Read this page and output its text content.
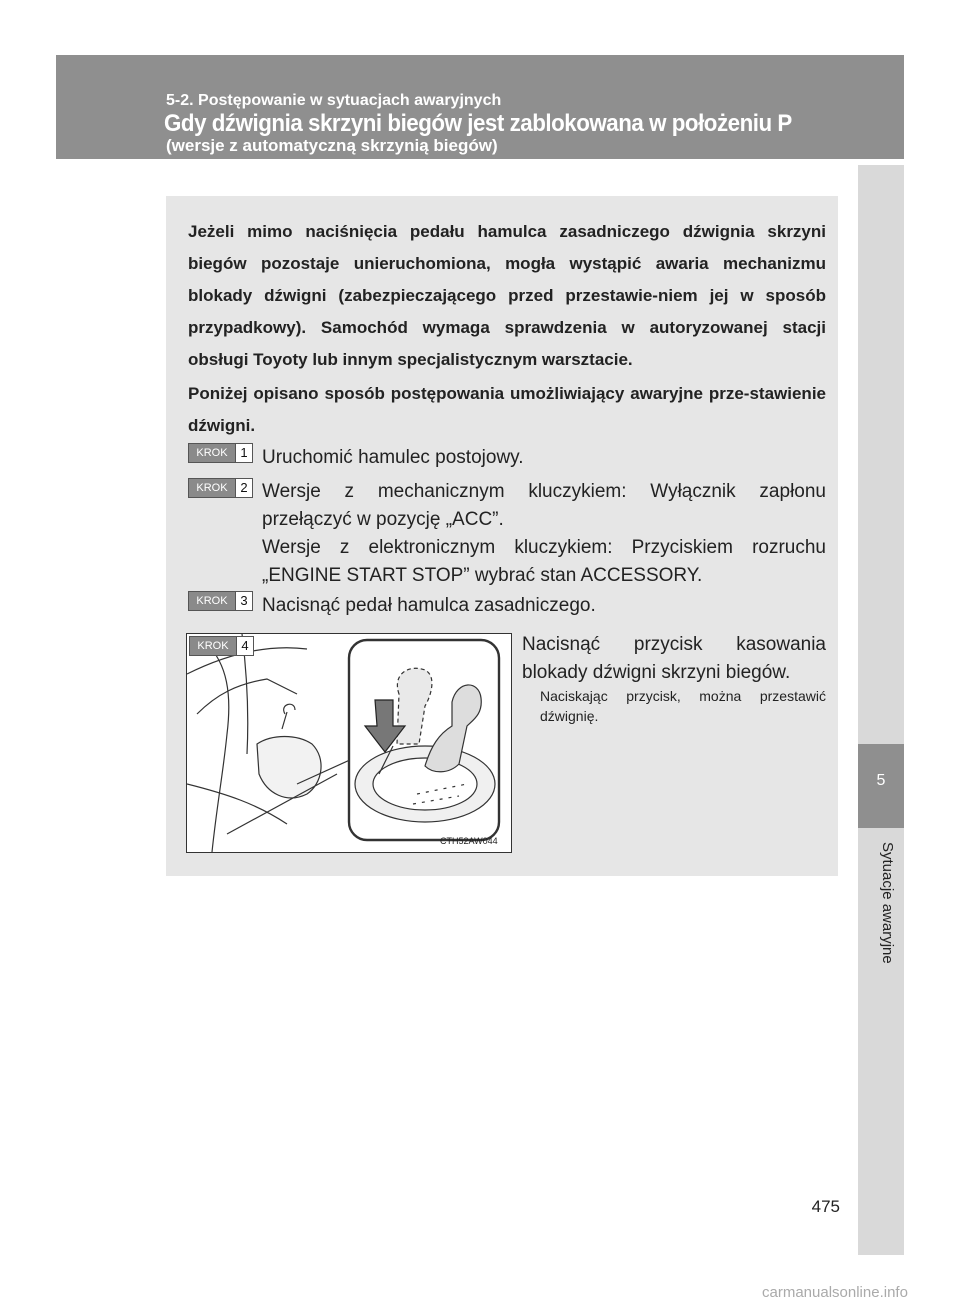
5-2. Postępowanie w sytuacjach awaryjnych
Gdy dźwignia skrzyni biegów jest zablokowana w położeniu P
(wersje z automatyczną skrzynią biegów)
5
Sytuacje awaryjne
Jeżeli mimo naciśnięcia pedału hamulca zasadniczego dźwignia skrzyni biegów pozostaje unieruchomiona, mogła wystąpić awaria mechanizmu blokady dźwigni (zabezpieczającego przed przestawie-niem jej w sposób przypadkowy). Samochód wymaga sprawdzenia w autoryzowanej stacji obsługi Toyoty lub innym specjalistycznym warsztacie.
Poniżej opisano sposób postępowania umożliwiający awaryjne prze-stawienie dźwigni.
KROK 1 Uruchomić hamulec postojowy.
KROK 2 Wersje z mechanicznym kluczykiem: Wyłącznik zapłonu przełączyć w pozycję „ACC”.
Wersje z elektronicznym kluczykiem: Przyciskiem rozruchu „ENGINE START STOP” wybrać stan ACCESSORY.
KROK 3 Nacisnąć pedał hamulca zasadniczego.
KROK 4
CTH52AW044
Nacisnąć przycisk kasowania blokady dźwigni skrzyni biegów.
Naciskając przycisk, można przestawić dźwignię.
475
carmanualsonline.info
